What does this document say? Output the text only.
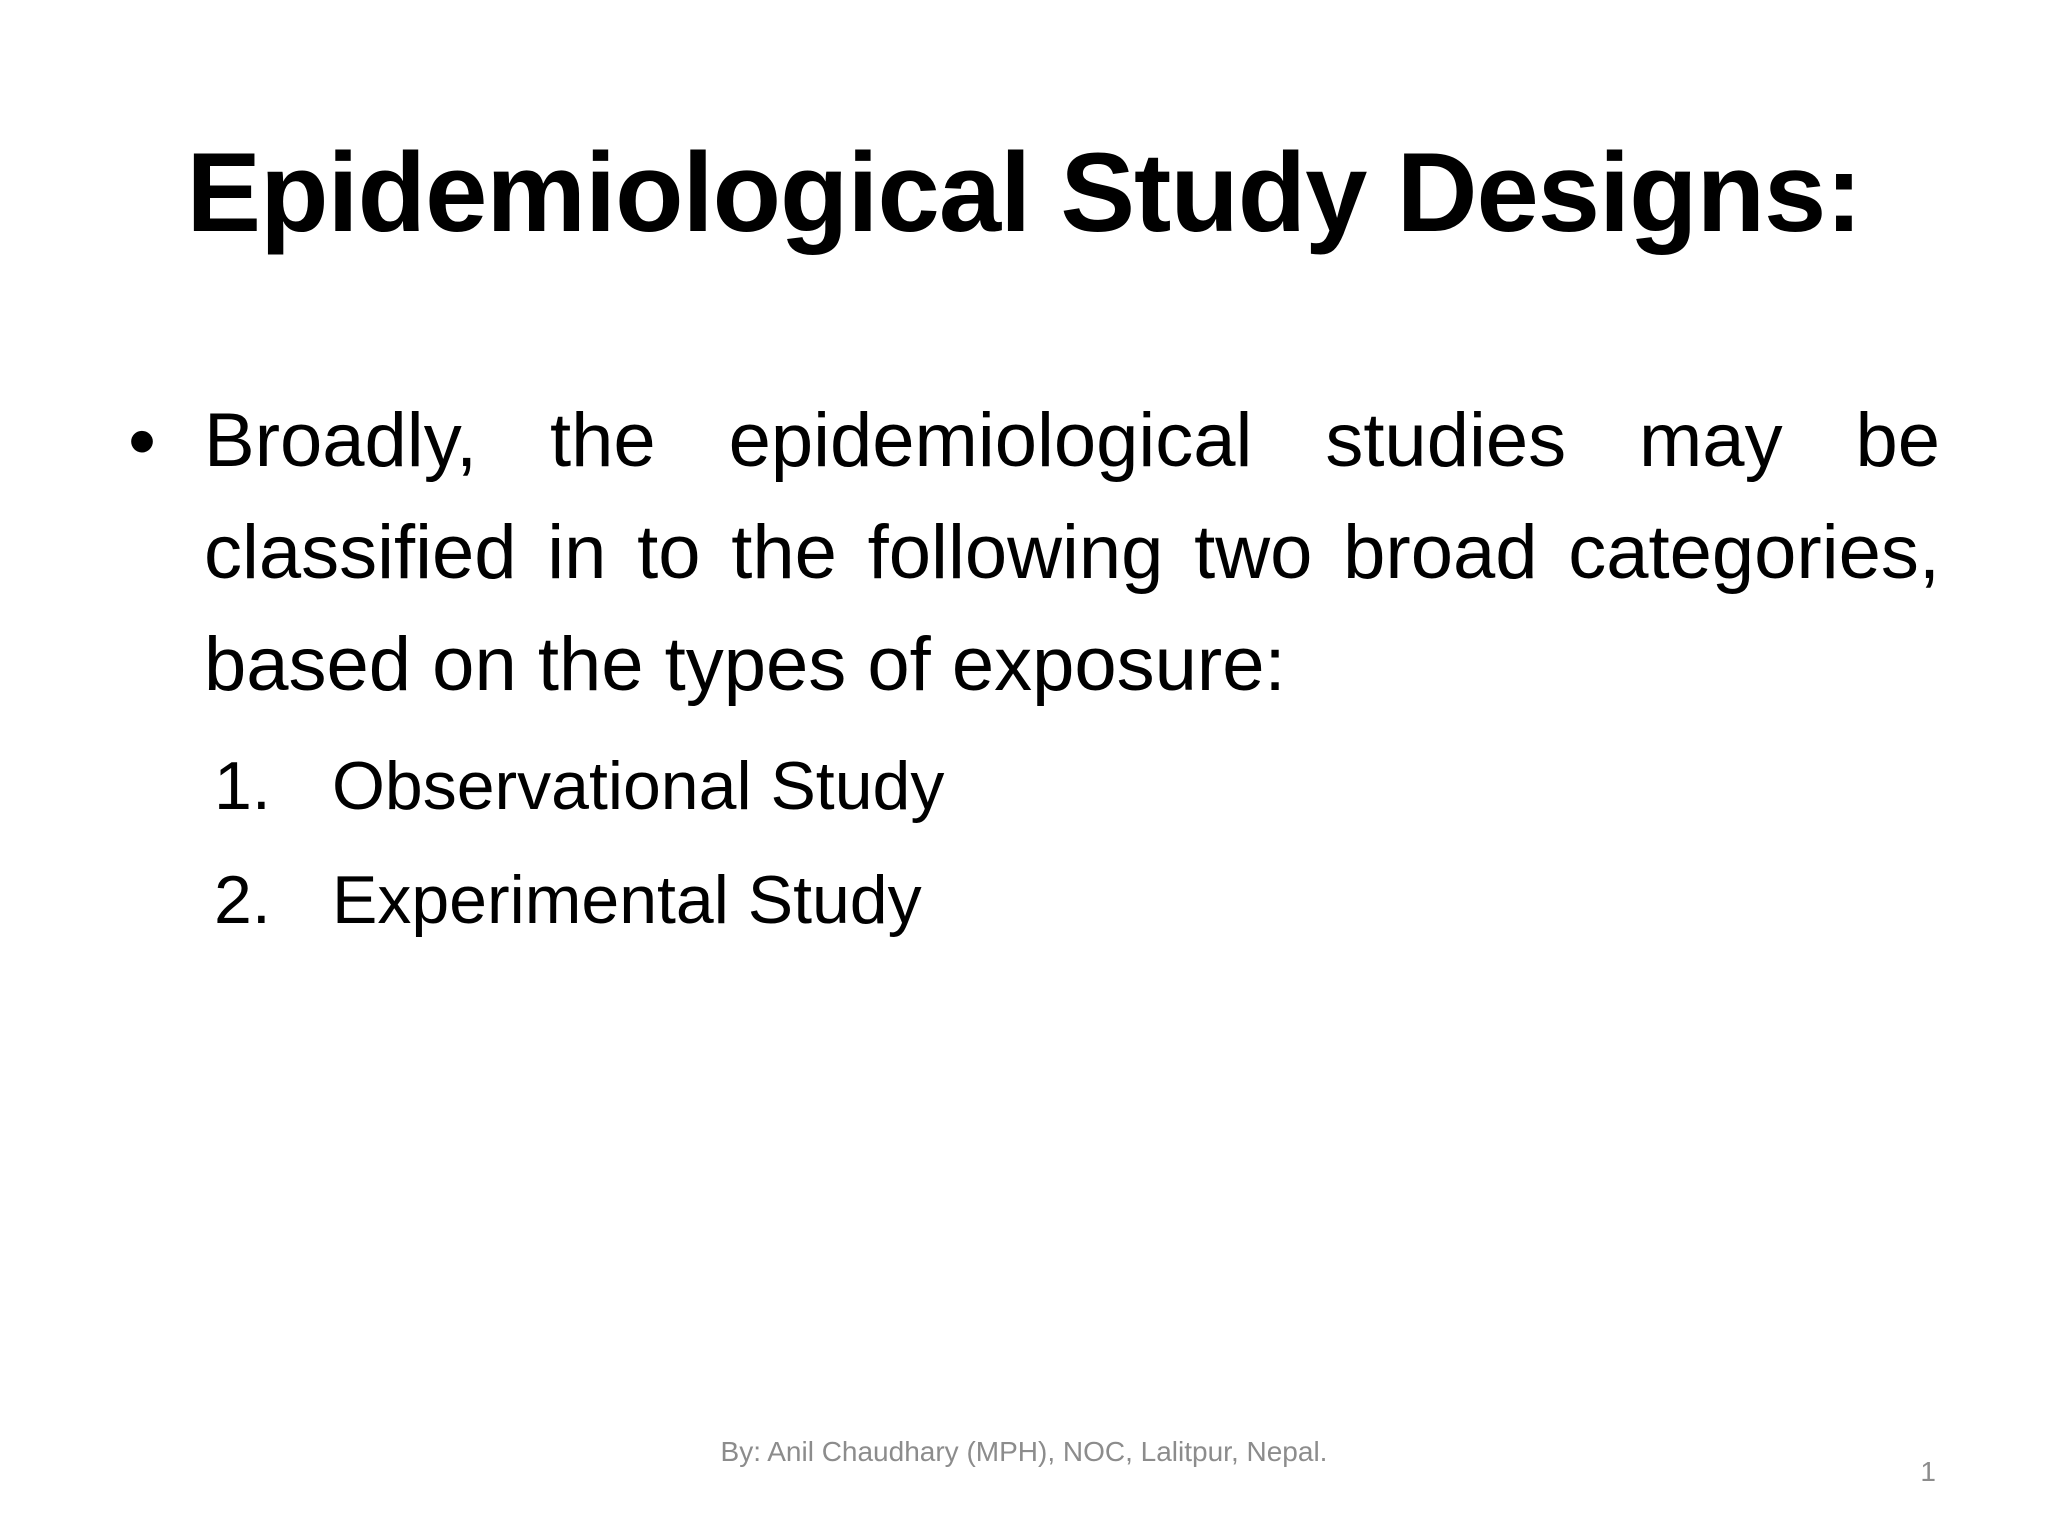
Epidemiological Study Designs:
• Broadly, the epidemiological studies may be classified in to the following two broad categories, based on the types of exposure:
1. Observational Study
2. Experimental Study
By: Anil Chaudhary (MPH), NOC, Lalitpur, Nepal.
1
